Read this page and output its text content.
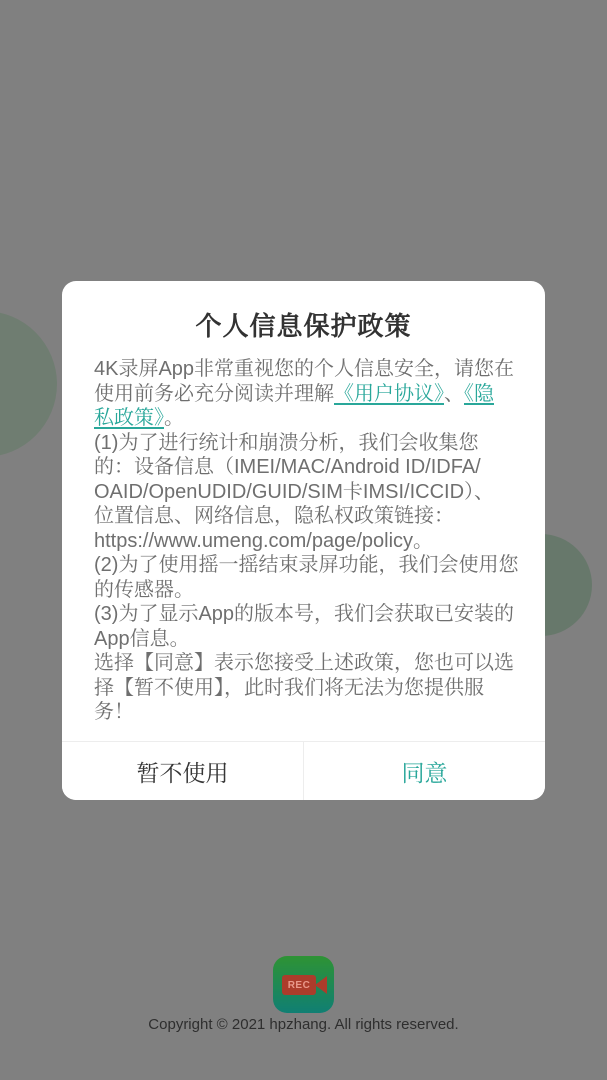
REC
Copyright © 2021 hpzhang. All rights reserved.
个人信息保护政策
4K录屏App非常重视您的个人信息安全，请您在
使用前务必充分阅读并理解《用户协议》、《隐
私政策》。
(1)为了进行统计和崩溃分析，我们会收集您
的：设备信息（IMEI/MAC/Android ID/IDFA/
OAID/OpenUDID/GUID/SIM卡IMSI/ICCID）、
位置信息、网络信息，隐私权政策链接：
https://www.umeng.com/page/policy。
(2)为了使用摇一摇结束录屏功能，我们会使用您
的传感器。
(3)为了显示App的版本号，我们会获取已安装的
App信息。
选择【同意】表示您接受上述政策，您也可以选
择【暂不使用】，此时我们将无法为您提供服
务！
暂不使用	同意
